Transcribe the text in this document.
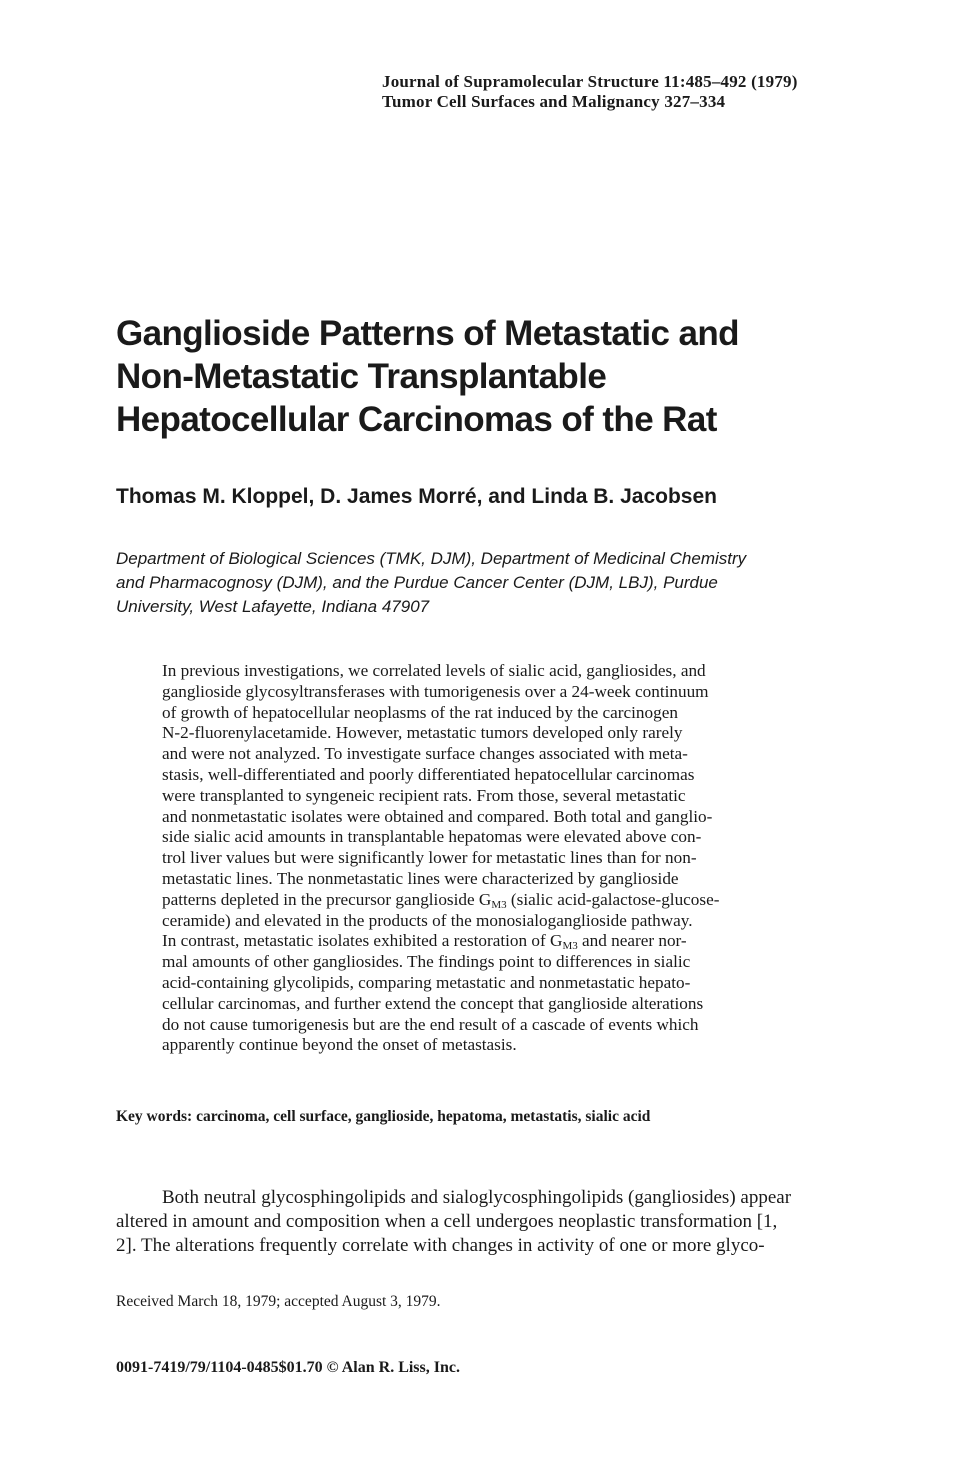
Journal of Supramolecular Structure 11:485–492 (1979)
Tumor Cell Surfaces and Malignancy 327–334
Ganglioside Patterns of Metastatic and
Non-Metastatic Transplantable
Hepatocellular Carcinomas of the Rat
Thomas M. Kloppel, D. James Morré, and Linda B. Jacobsen
Department of Biological Sciences (TMK, DJM), Department of Medicinal Chemistry
and Pharmacognosy (DJM), and the Purdue Cancer Center (DJM, LBJ), Purdue
University, West Lafayette, Indiana 47907
In previous investigations, we correlated levels of sialic acid, gangliosides, and
ganglioside glycosyltransferases with tumorigenesis over a 24-week continuum
of growth of hepatocellular neoplasms of the rat induced by the carcinogen
N-2-fluorenylacetamide. However, metastatic tumors developed only rarely
and were not analyzed. To investigate surface changes associated with meta-
stasis, well-differentiated and poorly differentiated hepatocellular carcinomas
were transplanted to syngeneic recipient rats. From those, several metastatic
and nonmetastatic isolates were obtained and compared. Both total and ganglio-
side sialic acid amounts in transplantable hepatomas were elevated above con-
trol liver values but were significantly lower for metastatic lines than for non-
metastatic lines. The nonmetastatic lines were characterized by ganglioside
patterns depleted in the precursor ganglioside $G_{M3}$ (sialic acid-galactose-glucose-
ceramide) and elevated in the products of the monosialoganglioside pathway.
In contrast, metastatic isolates exhibited a restoration of $G_{M3}$ and nearer nor-
mal amounts of other gangliosides. The findings point to differences in sialic
acid-containing glycolipids, comparing metastatic and nonmetastatic hepato-
cellular carcinomas, and further extend the concept that ganglioside alterations
do not cause tumorigenesis but are the end result of a cascade of events which
apparently continue beyond the onset of metastasis.
Key words: carcinoma, cell surface, ganglioside, hepatoma, metastatis, sialic acid
Both neutral glycosphingolipids and sialoglycosphingolipids (gangliosides) appear
altered in amount and composition when a cell undergoes neoplastic transformation [1,
2]. The alterations frequently correlate with changes in activity of one or more glyco-
Received March 18, 1979; accepted August 3, 1979.
0091-7419/79/1104-0485$01.70 © Alan R. Liss, Inc.
